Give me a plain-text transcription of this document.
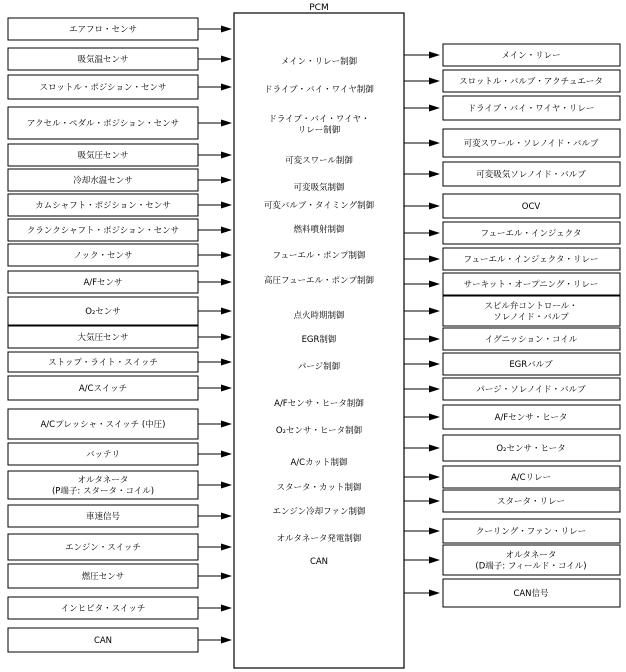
PCM
メイン・リレー制御
ドライブ・バイ・ワイヤ制御
ドライブ・バイ・ワイヤ・
リレー制御
可変スワール制御
可変吸気制御
可変バルブ・タイミング制御
燃料噴射制御
フューエル・ポンプ制御
高圧フューエル・ポンプ制御
点火時期制御
EGR制御
パージ制御
A/Fセンサ・ヒータ制御
O₂センサ・ヒータ制御
A/Cカット制御
スタータ・カット制御
エンジン冷却ファン制御
オルタネータ発電制御
CAN
エアフロ・センサ
吸気温センサ
スロットル・ポジション・センサ
アクセル・ペダル・ポジション・センサ
吸気圧センサ
冷却水温センサ
カムシャフト・ポジション・センサ
クランクシャフト・ポジション・センサ
ノック・センサ
A/Fセンサ
O₂センサ
大気圧センサ
ストップ・ライト・スイッチ
A/Cスイッチ
A/Cプレッシャ・スイッチ (中圧)
バッテリ
オルタネータ
(P端子: スタータ・コイル)
車速信号
エンジン・スイッチ
燃圧センサ
インヒビタ・スイッチ
CAN
メイン・リレー
スロットル・バルブ・アクチュエータ
ドライブ・バイ・ワイヤ・リレー
可変スワール・ソレノイド・バルブ
可変吸気ソレノイド・バルブ
OCV
フューエル・インジェクタ
フューエル・インジェクタ・リレー
サーキット・オープニング・リレー
スピル弁コントロール・
ソレノイド・バルブ
イグニッション・コイル
EGRバルブ
パージ・ソレノイド・バルブ
A/Fセンサ・ヒータ
O₂センサ・ヒータ
A/Cリレー
スタータ・リレー
クーリング・ファン・リレー
オルタネータ
(D端子: フィールド・コイル)
CAN信号
